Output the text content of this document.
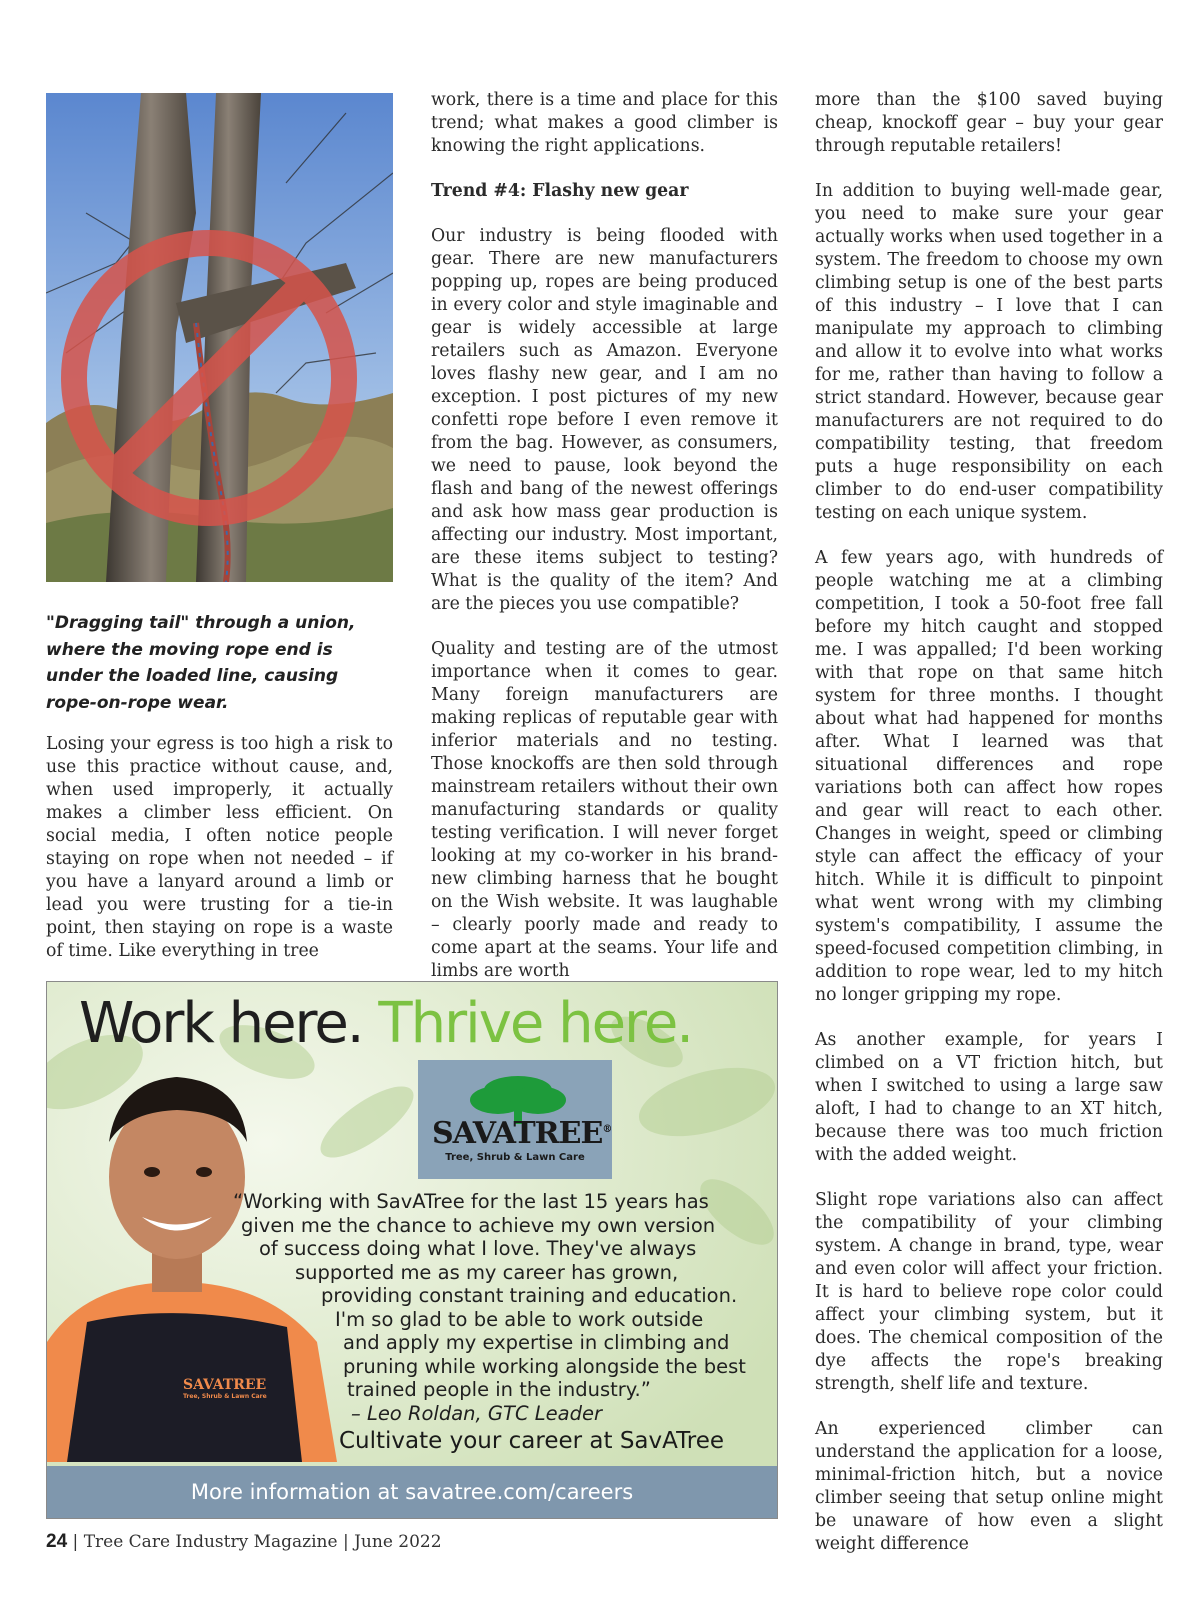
"Dragging tail" through a union, where the moving rope end is under the loaded line, causing rope-on-rope wear.

Losing your egress is too high a risk to use this practice without cause, and, when used improperly, it actually makes a climber less efficient. On social media, I often notice people staying on rope when not needed – if you have a lanyard around a limb or lead you were trusting for a tie-in point, then staying on rope is a waste of time. Like everything in tree

work, there is a time and place for this trend; what makes a good climber is knowing the right applications.

Trend #4: Flashy new gear

Our industry is being flooded with gear. There are new manufacturers popping up, ropes are being produced in every color and style imaginable and gear is widely accessible at large retailers such as Amazon. Everyone loves flashy new gear, and I am no exception. I post pictures of my new confetti rope before I even remove it from the bag. However, as consumers, we need to pause, look beyond the flash and bang of the newest offerings and ask how mass gear production is affecting our industry. Most important, are these items subject to testing? What is the quality of the item? And are the pieces you use compatible?

Quality and testing are of the utmost importance when it comes to gear. Many foreign manufacturers are making replicas of reputable gear with inferior materials and no testing. Those knockoffs are then sold through mainstream retailers without their own manufacturing standards or quality testing verification. I will never forget looking at my co-worker in his brand-new climbing harness that he bought on the Wish website. It was laughable – clearly poorly made and ready to come apart at the seams. Your life and limbs are worth

more than the $100 saved buying cheap, knockoff gear – buy your gear through reputable retailers!

In addition to buying well-made gear, you need to make sure your gear actually works when used together in a system. The freedom to choose my own climbing setup is one of the best parts of this industry – I love that I can manipulate my approach to climbing and allow it to evolve into what works for me, rather than having to follow a strict standard. However, because gear manufacturers are not required to do compatibility testing, that freedom puts a huge responsibility on each climber to do end-user compatibility testing on each unique system.

A few years ago, with hundreds of people watching me at a climbing competition, I took a 50-foot free fall before my hitch caught and stopped me. I was appalled; I'd been working with that rope on that same hitch system for three months. I thought about what had happened for months after. What I learned was that situational differences and rope variations both can affect how ropes and gear will react to each other. Changes in weight, speed or climbing style can affect the efficacy of your hitch. While it is difficult to pinpoint what went wrong with my climbing system's compatibility, I assume the speed-focused competition climbing, in addition to rope wear, led to my hitch no longer gripping my rope.

As another example, for years I climbed on a VT friction hitch, but when I switched to using a large saw aloft, I had to change to an XT hitch, because there was too much friction with the added weight.

Slight rope variations also can affect the compatibility of your climbing system. A change in brand, type, wear and even color will affect your friction. It is hard to believe rope color could affect your climbing system, but it does. The chemical composition of the dye affects the rope's breaking strength, shelf life and texture.

An experienced climber can understand the application for a loose, minimal-friction hitch, but a novice climber seeing that setup online might be unaware of how even a slight weight difference

Work here. Thrive here.
SAVATREE®
Tree, Shrub & Lawn Care
SAVATREE
Tree, Shrub & Lawn Care
“Working with SavATree for the last 15 years has
given me the chance to achieve my own version
of success doing what I love. They've always
supported me as my career has grown,
providing constant training and education.
I'm so glad to be able to work outside
and apply my expertise in climbing and
pruning while working alongside the best
trained people in the industry.”
– Leo Roldan, GTC Leader
Cultivate your career at SavATree
More information at savatree.com/careers
24 | Tree Care Industry Magazine | June 2022
